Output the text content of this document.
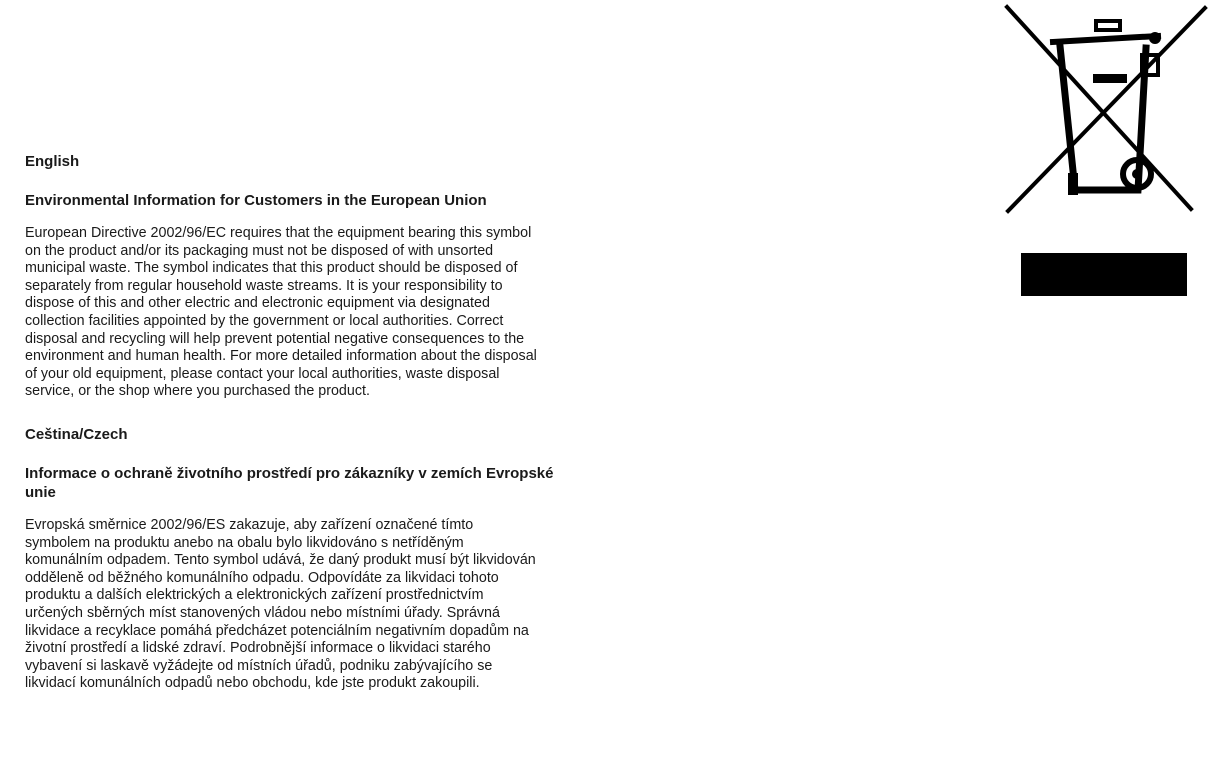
English
Environmental Information for Customers in the European Union

European Directive 2002/96/EC requires that the equipment bearing this symbol
on the product and/or its packaging must not be disposed of with unsorted
municipal waste. The symbol indicates that this product should be disposed of
separately from regular household waste streams. It is your responsibility to
dispose of this and other electric and electronic equipment via designated
collection facilities appointed by the government or local authorities. Correct
disposal and recycling will help prevent potential negative consequences to the
environment and human health. For more detailed information about the disposal
of your old equipment, please contact your local authorities, waste disposal
service, or the shop where you purchased the product.

Ceština/Czech
Informace o ochraně životního prostředí pro zákazníky v zemích Evropské
unie

Evropská směrnice 2002/96/ES zakazuje, aby zařízení označené tímto
symbolem na produktu anebo na obalu bylo likvidováno s netříděným
komunálním odpadem. Tento symbol udává, že daný produkt musí být likvidován
odděleně od běžného komunálního odpadu. Odpovídáte za likvidaci tohoto
produktu a dalších elektrických a elektronických zařízení prostřednictvím
určených sběrných míst stanovených vládou nebo místními úřady. Správná
likvidace a recyklace pomáhá předcházet potenciálním negativním dopadům na
životní prostředí a lidské zdraví. Podrobnější informace o likvidaci starého
vybavení si laskavě vyžádejte od místních úřadů, podniku zabývajícího se
likvidací komunálních odpadů nebo obchodu, kde jste produkt zakoupili.
